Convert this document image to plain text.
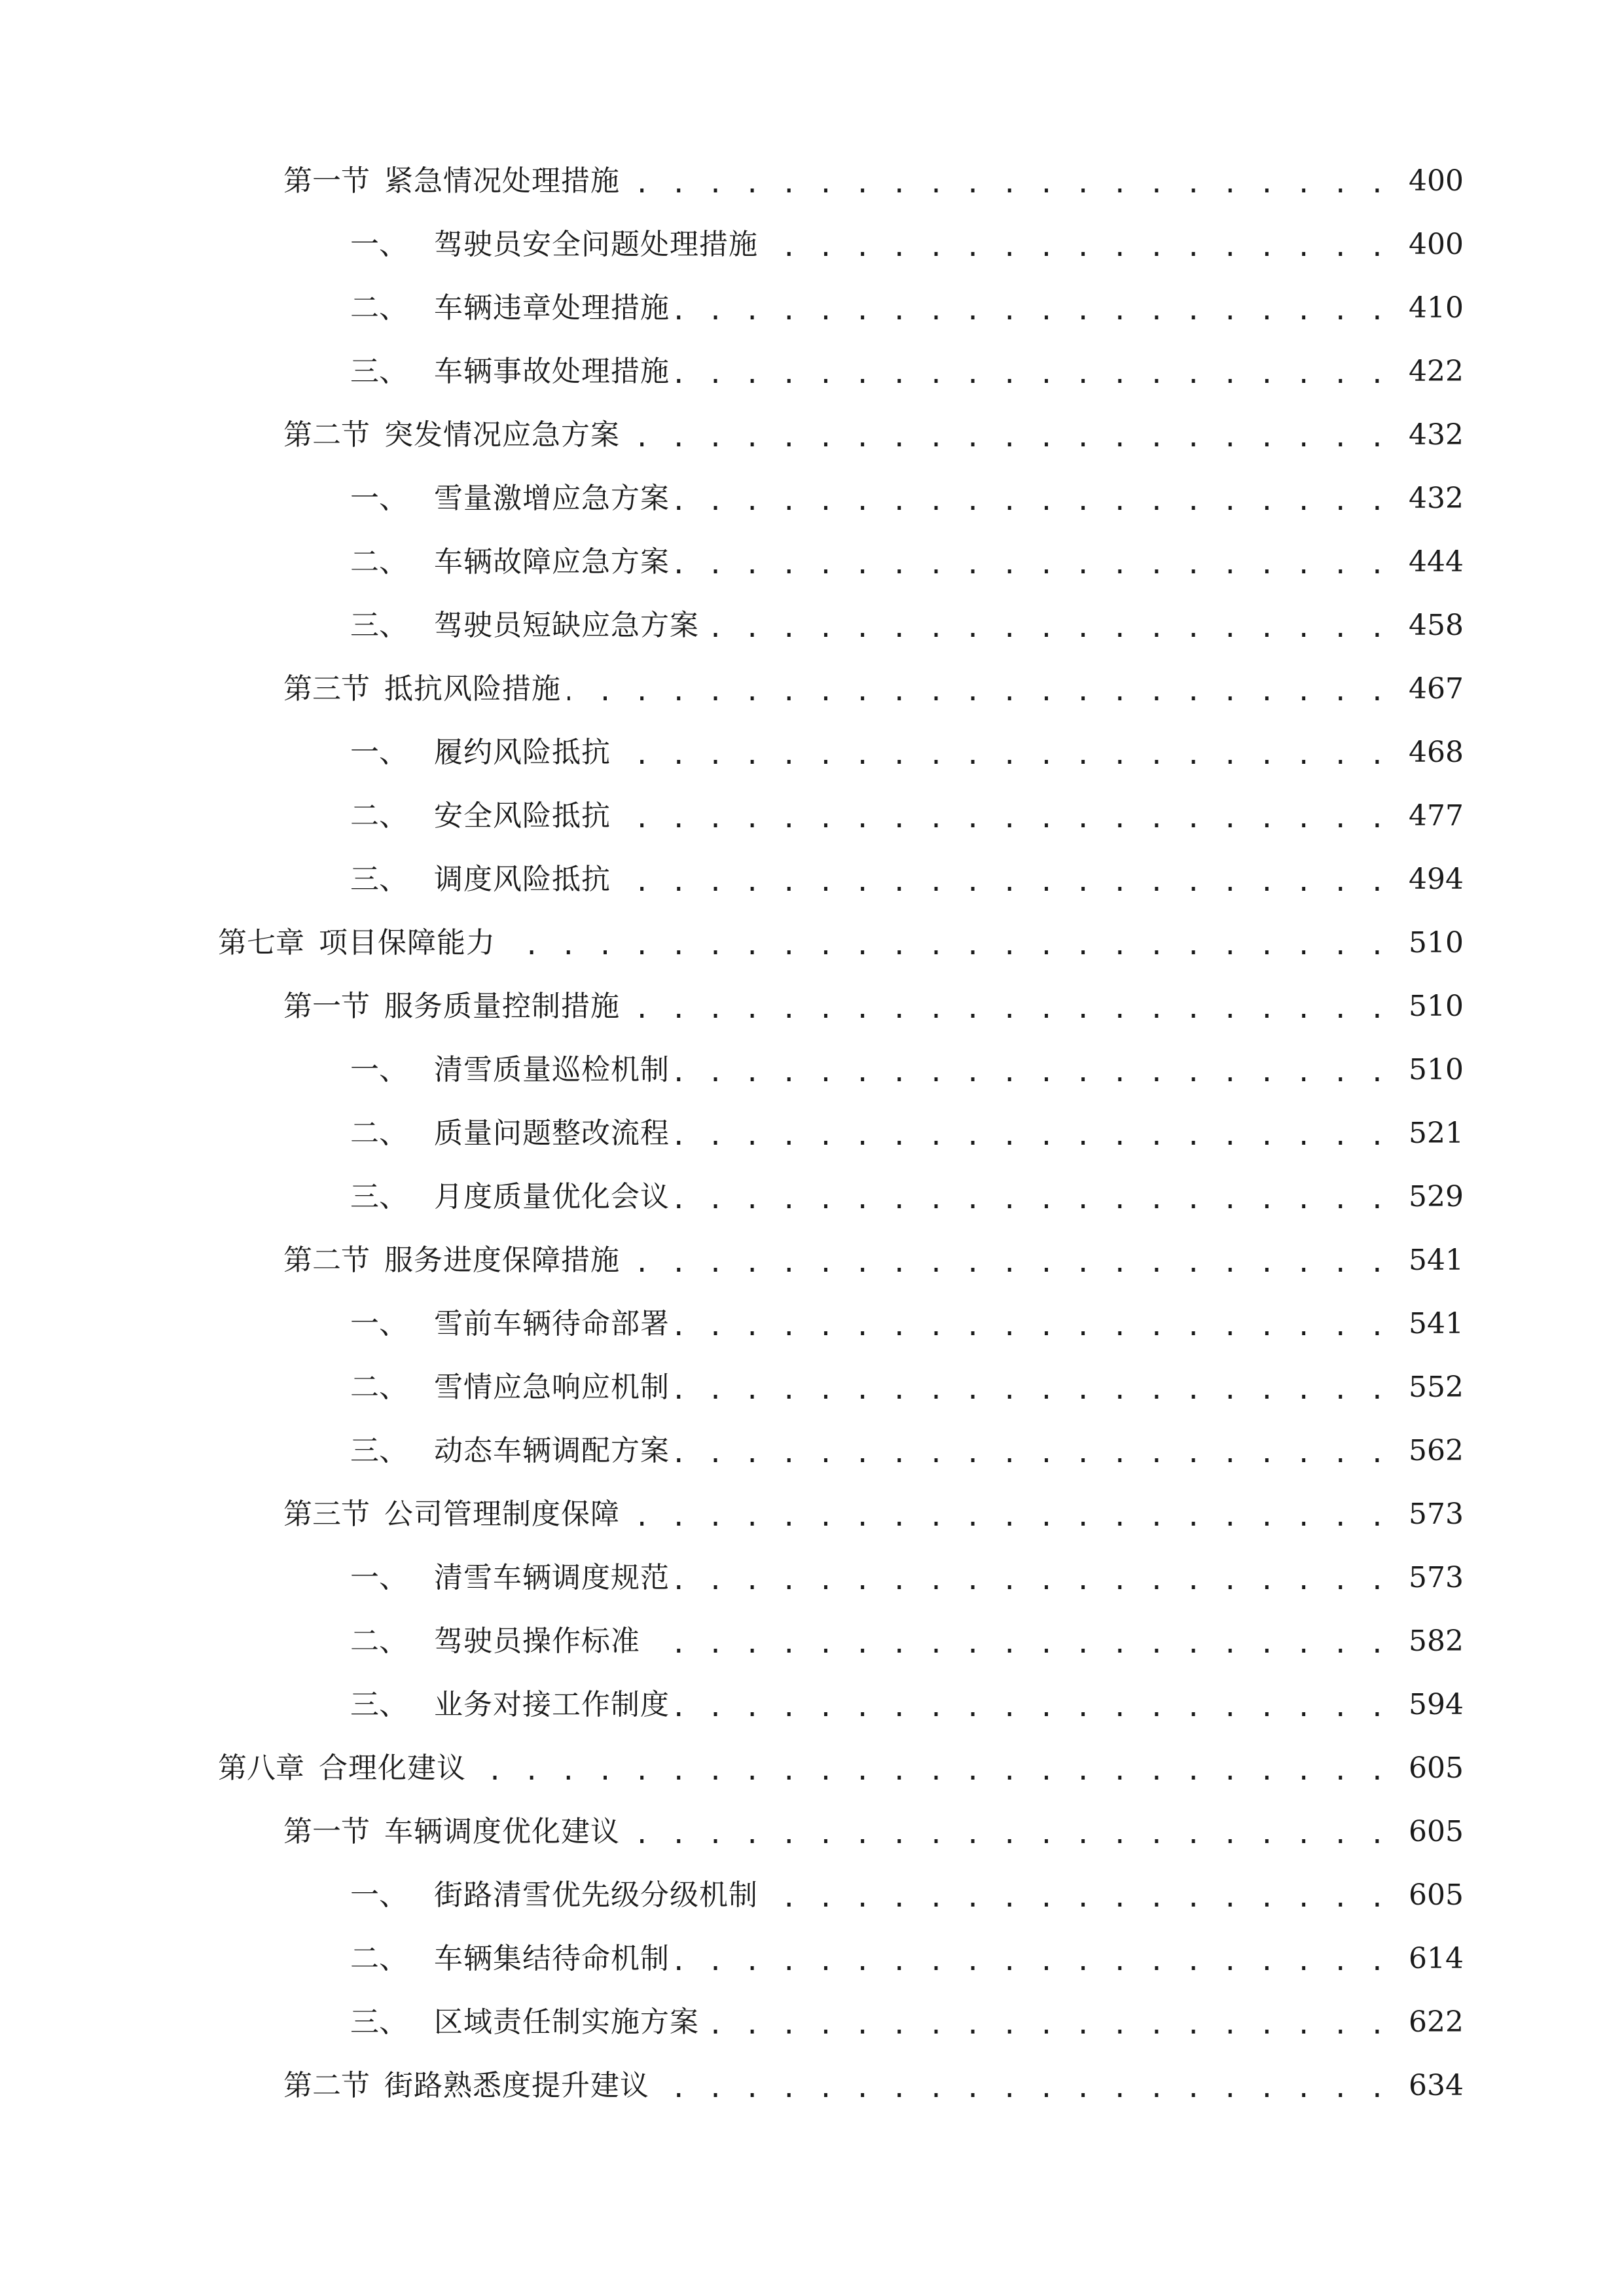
第一节 紧急情况处理措施 . . .	400
一、 驾驶员安全问题处理措施 . . .	400
二、 车辆违章处理措施 . . .	410
三、 车辆事故处理措施 . . .	422
第二节 突发情况应急方案 . . .	432
一、 雪量激增应急方案 . . .	432
二、 车辆故障应急方案 . . .	444
三、 驾驶员短缺应急方案 . . .	458
第三节 抵抗风险措施 . . .	467
一、 履约风险抵抗 . . .	468
二、 安全风险抵抗 . . .	477
三、 调度风险抵抗 . . .	494
第七章 项目保障能力 . . .	510
第一节 服务质量控制措施 . . .	510
一、 清雪质量巡检机制 . . .	510
二、 质量问题整改流程 . . .	521
三、 月度质量优化会议 . . .	529
第二节 服务进度保障措施 . . .	541
一、 雪前车辆待命部署 . . .	541
二、 雪情应急响应机制 . . .	552
三、 动态车辆调配方案 . . .	562
第三节 公司管理制度保障 . . .	573
一、 清雪车辆调度规范 . . .	573
二、 驾驶员操作标准 . . .	582
三、 业务对接工作制度 . . .	594
第八章 合理化建议 . . .	605
第一节 车辆调度优化建议 . . .	605
一、 街路清雪优先级分级机制 . . .	605
二、 车辆集结待命机制 . . .	614
三、 区域责任制实施方案 . . .	622
第二节 街路熟悉度提升建议 . . .	634
